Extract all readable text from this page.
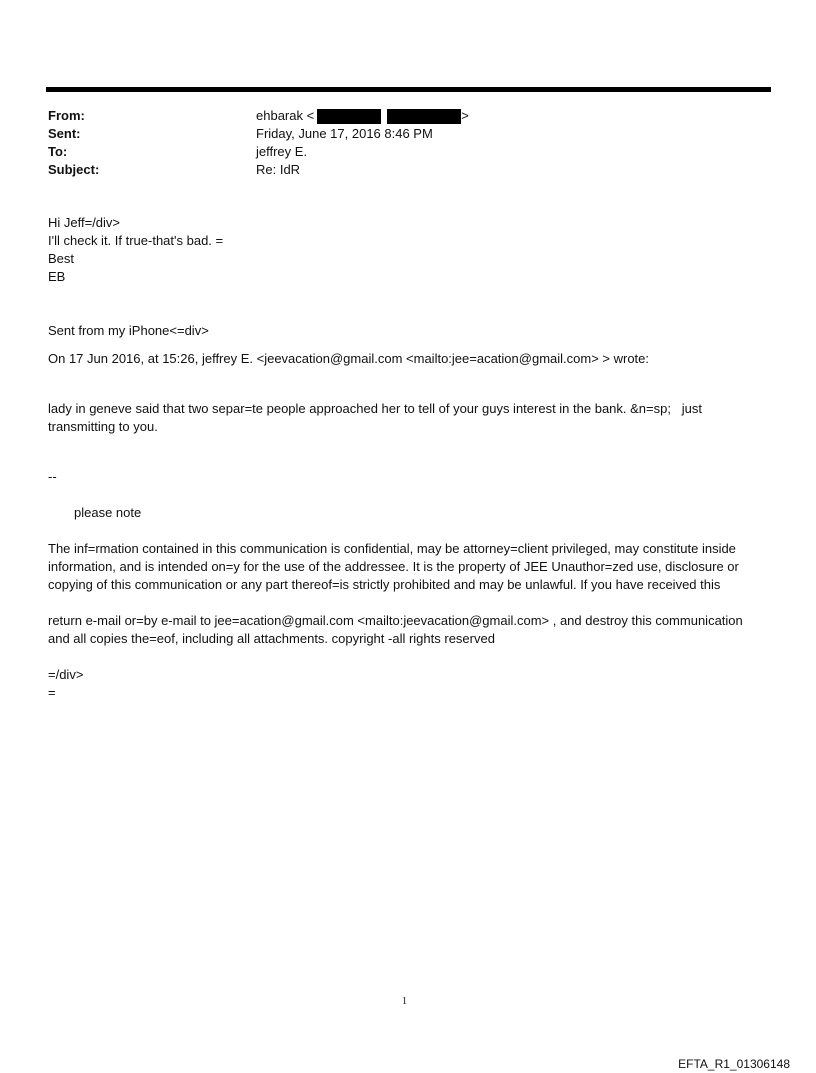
From:	ehbarak <	>
Sent:	Friday, June 17, 2016 8:46 PM
To:	jeffrey E.
Subject:	Re: IdR

Hi Jeff=/div>

I'll check it. If true-that's bad. =

Best

EB

Sent from my iPhone<=div>

On 17 Jun 2016, at 15:26, jeffrey E. <jeevacation@gmail.com <mailto:jee=acation@gmail.com> > wrote:

lady in geneve said that two separ=te people approached her to tell of your guys interest in the bank. &n=sp;   just transmitting to you.

--

please note

The inf=rmation contained in this communication is confidential, may be attorney=client privileged, may constitute inside information, and is intended on=y for the use of the addressee. It is the property of JEE Unauthor=zed use, disclosure or copying of this communication or any part thereof=is strictly prohibited and may be unlawful. If you have received this

return e-mail or=by e-mail to jee=acation@gmail.com <mailto:jeevacation@gmail.com> , and destroy this communication and all copies the=eof, including all attachments. copyright -all rights reserved

=/div>

=

1
EFTA_R1_01306148
